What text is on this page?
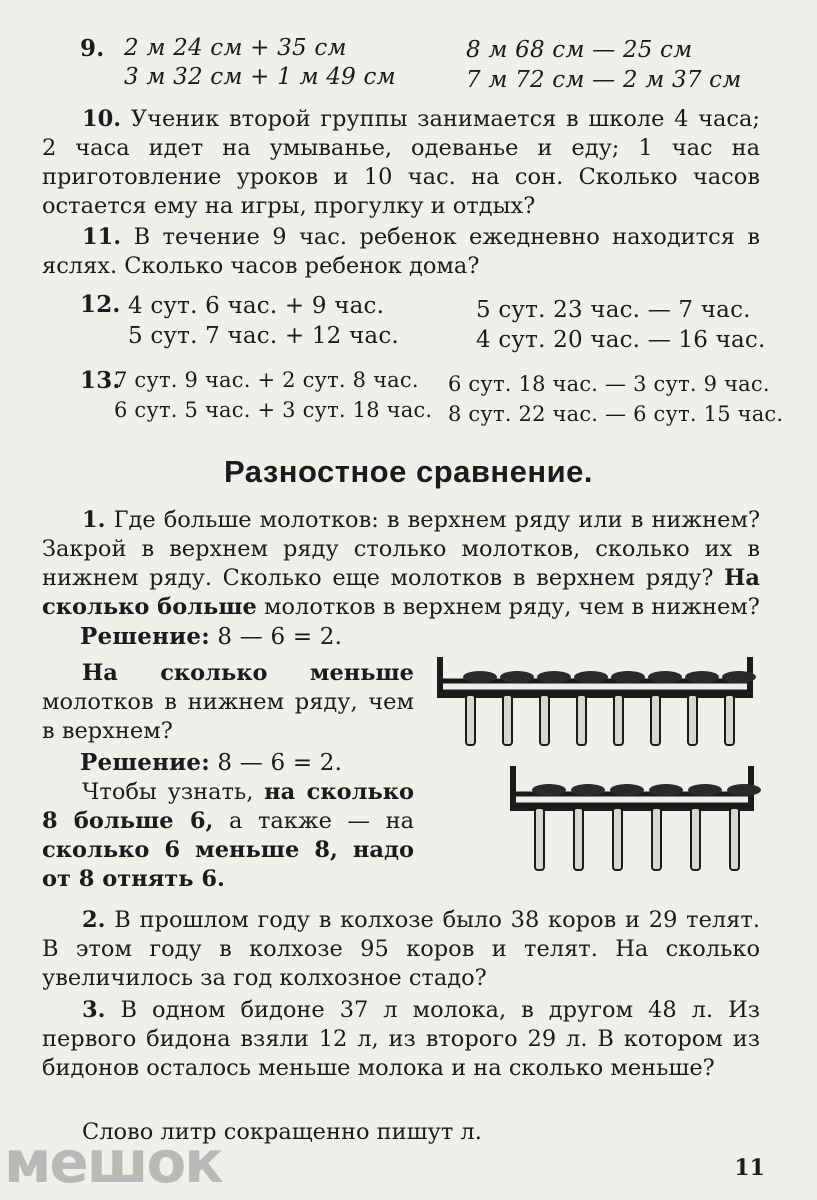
9. 2 м 24 см + 35 см
3 м 32 см + 1 м 49 см
8 м 68 см — 25 см
7 м 72 см — 2 м 37 см
10. Ученик второй группы занимается в школе 4 часа; 2 часа идет на умыванье, одеванье и еду; 1 час на приготовление уроков и 10 час. на сон. Сколько часов остается ему на игры, прогулку и отдых?
11. В течение 9 час. ребенок ежедневно находится в яслях. Сколько часов ребенок дома?
12. 4 сут. 6 час. + 9 час.
5 сут. 7 час. + 12 час.
5 сут. 23 час. — 7 час.
4 сут. 20 час. — 16 час.
13.
7 сут. 9 час. + 2 сут. 8 час.
6 сут. 5 час. + 3 сут. 18 час.
6 сут. 18 час. — 3 сут. 9 час.
8 сут. 22 час. — 6 сут. 15 час.
Разностное сравнение.
1. Где больше молотков: в верхнем ряду или в нижнем? Закрой в верхнем ряду столько молотков, сколько их в нижнем ряду. Сколько еще молотков в верхнем ряду? На сколько больше молотков в верхнем ряду, чем в нижнем?
Решение: 8 — 6 = 2.
На сколько меньше молотков в нижнем ряду, чем в верхнем?
Решение: 8 — 6 = 2.
Чтобы узнать, на сколько 8 больше 6, а также — на сколько 6 меньше 8, надо от 8 отнять 6.
2. В прошлом году в колхозе было 38 коров и 29 телят. В этом году в колхозе 95 коров и телят. На сколько увеличилось за год колхозное стадо?
3. В одном бидоне 37 л молока, в другом 48 л. Из первого бидона взяли 12 л, из второго 29 л. В котором из бидонов осталось меньше молока и на сколько меньше?
Слово литр сокращенно пишут л.
мешок	11
